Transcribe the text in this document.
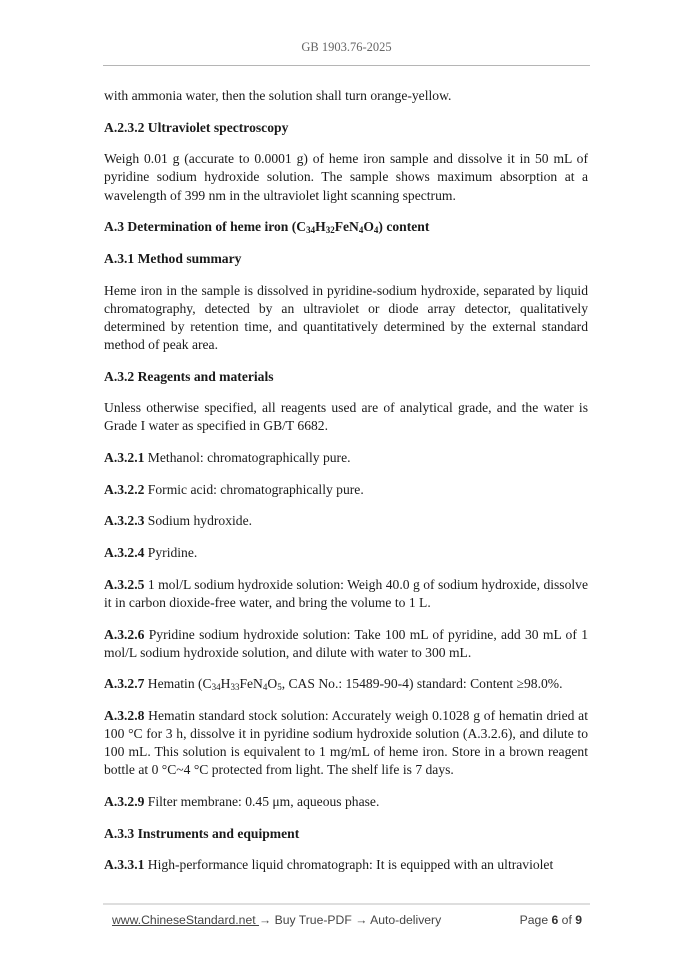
GB 1903.76-2025

with ammonia water, then the solution shall turn orange-yellow.

A.2.3.2 Ultraviolet spectroscopy

Weigh 0.01 g (accurate to 0.0001 g) of heme iron sample and dissolve it in 50 mL of pyridine sodium hydroxide solution. The sample shows maximum absorption at a wavelength of 399 nm in the ultraviolet light scanning spectrum.

A.3 Determination of heme iron $(C_{34}H_{32}FeN_4O_4)$ content
A.3.1 Method summary

Heme iron in the sample is dissolved in pyridine-sodium hydroxide, separated by liquid chromatography, detected by an ultraviolet or diode array detector, qualitatively determined by retention time, and quantitatively determined by the external standard method of peak area.

A.3.2 Reagents and materials

Unless otherwise specified, all reagents used are of analytical grade, and the water is Grade I water as specified in GB/T 6682.

A.3.2.1 Methanol: chromatographically pure.

A.3.2.2 Formic acid: chromatographically pure.

A.3.2.3 Sodium hydroxide.

A.3.2.4 Pyridine.

A.3.2.5 1 mol/L sodium hydroxide solution: Weigh 40.0 g of sodium hydroxide, dissolve it in carbon dioxide-free water, and bring the volume to 1 L.

A.3.2.6 Pyridine sodium hydroxide solution: Take 100 mL of pyridine, add 30 mL of 1 mol/L sodium hydroxide solution, and dilute with water to 300 mL.

A.3.2.7 Hematin ($C_{34}H_{33}FeN_4O_5$, CAS No.: 15489-90-4) standard: Content ≥98.0%.

A.3.2.8 Hematin standard stock solution: Accurately weigh 0.1028 g of hematin dried at 100 °C for 3 h, dissolve it in pyridine sodium hydroxide solution (A.3.2.6), and dilute to 100 mL. This solution is equivalent to 1 mg/mL of heme iron. Store in a brown reagent bottle at 0 °C~4 °C protected from light. The shelf life is 7 days.

A.3.2.9 Filter membrane: 0.45 μm, aqueous phase.

A.3.3 Instruments and equipment

A.3.3.1 High-performance liquid chromatograph: It is equipped with an ultraviolet

www.ChineseStandard.net → Buy True-PDF → Auto-delivery	Page 6 of 9
